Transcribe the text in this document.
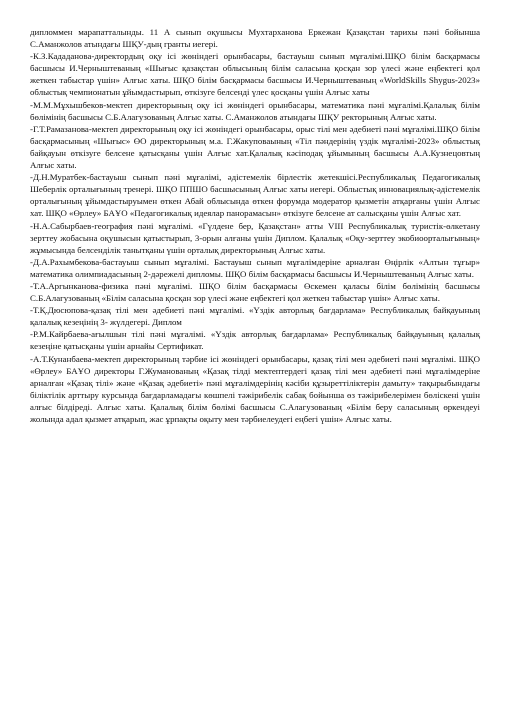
дипломмен марапатталынды. 11 А сынып оқушысы Мухтарханова Еркежан Қазақстан тарихы пәні бойынша С.Аманжолов атындағы ШҚУ-дың гранты иегері.

-К.З.Кададанова-директордың оқу ісі жөніндегі орынбасары, бастауыш сынып мұғалімі.ШҚО білім басқармасы басшысы И.Черныштеваның «Шығыс қазақстан облысының білім саласына қосқан зор үлесі және еңбектегі қол жеткен табыстар үшін» Алғыс хаты. ШҚО білім басқармасы басшысы И.Черныштеваның «WorldSkills Shygus-2023» облыстық чемпионатын ұйымдастырып, өткізуге белсенді үлес қосқаны үшін Алғыс хаты

-М.М.Мұхышбеков-мектеп директорының оқу ісі жөніндегі орынбасары, математика пәні мұғалімі.Қалалық білім бөлімінің басшысы С.Б.Алагузованың Алғыс хаты. С.Аманжолов атындағы ШҚУ ректорының Алғыс хаты.

-Г.Т.Рамазанова-мектеп директорының оқу ісі жөніндегі орынбасары, орыс тілі мен әдебиеті пәні мұғалімі.ШҚО білім басқармасының «Шығыс» ӨО директорының м.а. Г.Жакуповаының «Тіл пәндерінің үздік мұғалімі-2023» облыстық байқауын өткізуге белсене қатысқаны үшін Алғыс хат.Қалалық кәсіподақ ұйымының басшысы А.А.Кузнецовтың Алғыс хаты.

-Д.Н.Муратбек-бастауыш сынып пәні мұғалімі, әдістемелік бірлестік жетекшісі.Республикалық Педагогикалық Шеберлік орталығының тренері. ШҚО ППШО басшысының Алғыс хаты иегері. Облыстық инновациялық-әдістемелік орталығының ұйымдастыруымен өткен Абай облысында өткен форумда модератор қызметін атқарғаны үшін Алғыс хат. ШҚО «Өрлеу» БАҰО «Педагогикалық идеялар панорамасын» өткізуге белсене ат салысқаны үшін Алғыс хат.

-Н.А.Сабырбаев-география пәні мұғалімі. «Гүлдене бер, Қазақстан» атты VIII Республикалық туристік-өлкетану зерттеу жобасына оқушысын қатыстырып, 3-орын алғаны үшін Диплом. Қалалық «Оқу-зерттеу экобиоорталығының» жұмысында белсенділік танытқаны үшін орталық директорының Алғыс хаты.

-Д.А.Рахымбекова-бастауыш сынып мұғалімі. Бастауыш сынып мұғалімдеріне арналған Өңірлік «Алтын тұғыр» математика олимпиадасының 2-дәрежелі дипломы. ШҚО білім басқармасы басшысы И.Черныштеваның Алғыс хаты.

-Т.А.Аргынканова-физика пәні мұғалімі. ШҚО білім басқармасы Өскемен қаласы білім бөлімінің басшысы С.Б.Алагузованың «Білім саласына қосқан зор үлесі және еңбектегі қол жеткен табыстар үшін» Алғыс хаты.

-Т.Қ.Дюсюпова-қазақ тілі мен әдебиеті пәні мұғалімі. «Үздік авторлық бағдарлама» Республикалық байқауының қалалық кезеңінің 3- жүлдегері. Диплом

-Р.М.Кайрбаева-ағылшын тілі пәні мұғалімі. «Үздік авторлық бағдарлама» Республикалық байқауының қалалық кезеңіне қатысқаны үшін арнайы Сертификат.

-А.Т.Кунанбаева-мектеп директорының тәрбие ісі жөніндегі орынбасары, қазақ тілі мен әдебиеті пәні мұғалімі. ШҚО «Өрлеу» БАҰО директоры Г.Жуманованың «Қазақ тілді мектептердегі қазақ тілі мен әдебиеті пәні мұғалімдеріне арналған «Қазақ тілі» және «Қазақ әдебиеті» пәні мұғалімдерінің кәсіби құзыреттіліктерін дамыту» тақырыбындағы біліктілік арттыру курсында бағдарламадағы көшпелі тәжірибелік сабақ бойынша өз тәжірибелерімен бөліскені үшін алғыс білдіреді. Алғыс хаты. Қалалық білім бөлімі басшысы С.Алагузованың «Білім беру саласының өркендеуі жолында адал қызмет атқарып, жас ұрпақты оқыту мен тәрбиелеудегі еңбегі үшін» Алғыс хаты.
